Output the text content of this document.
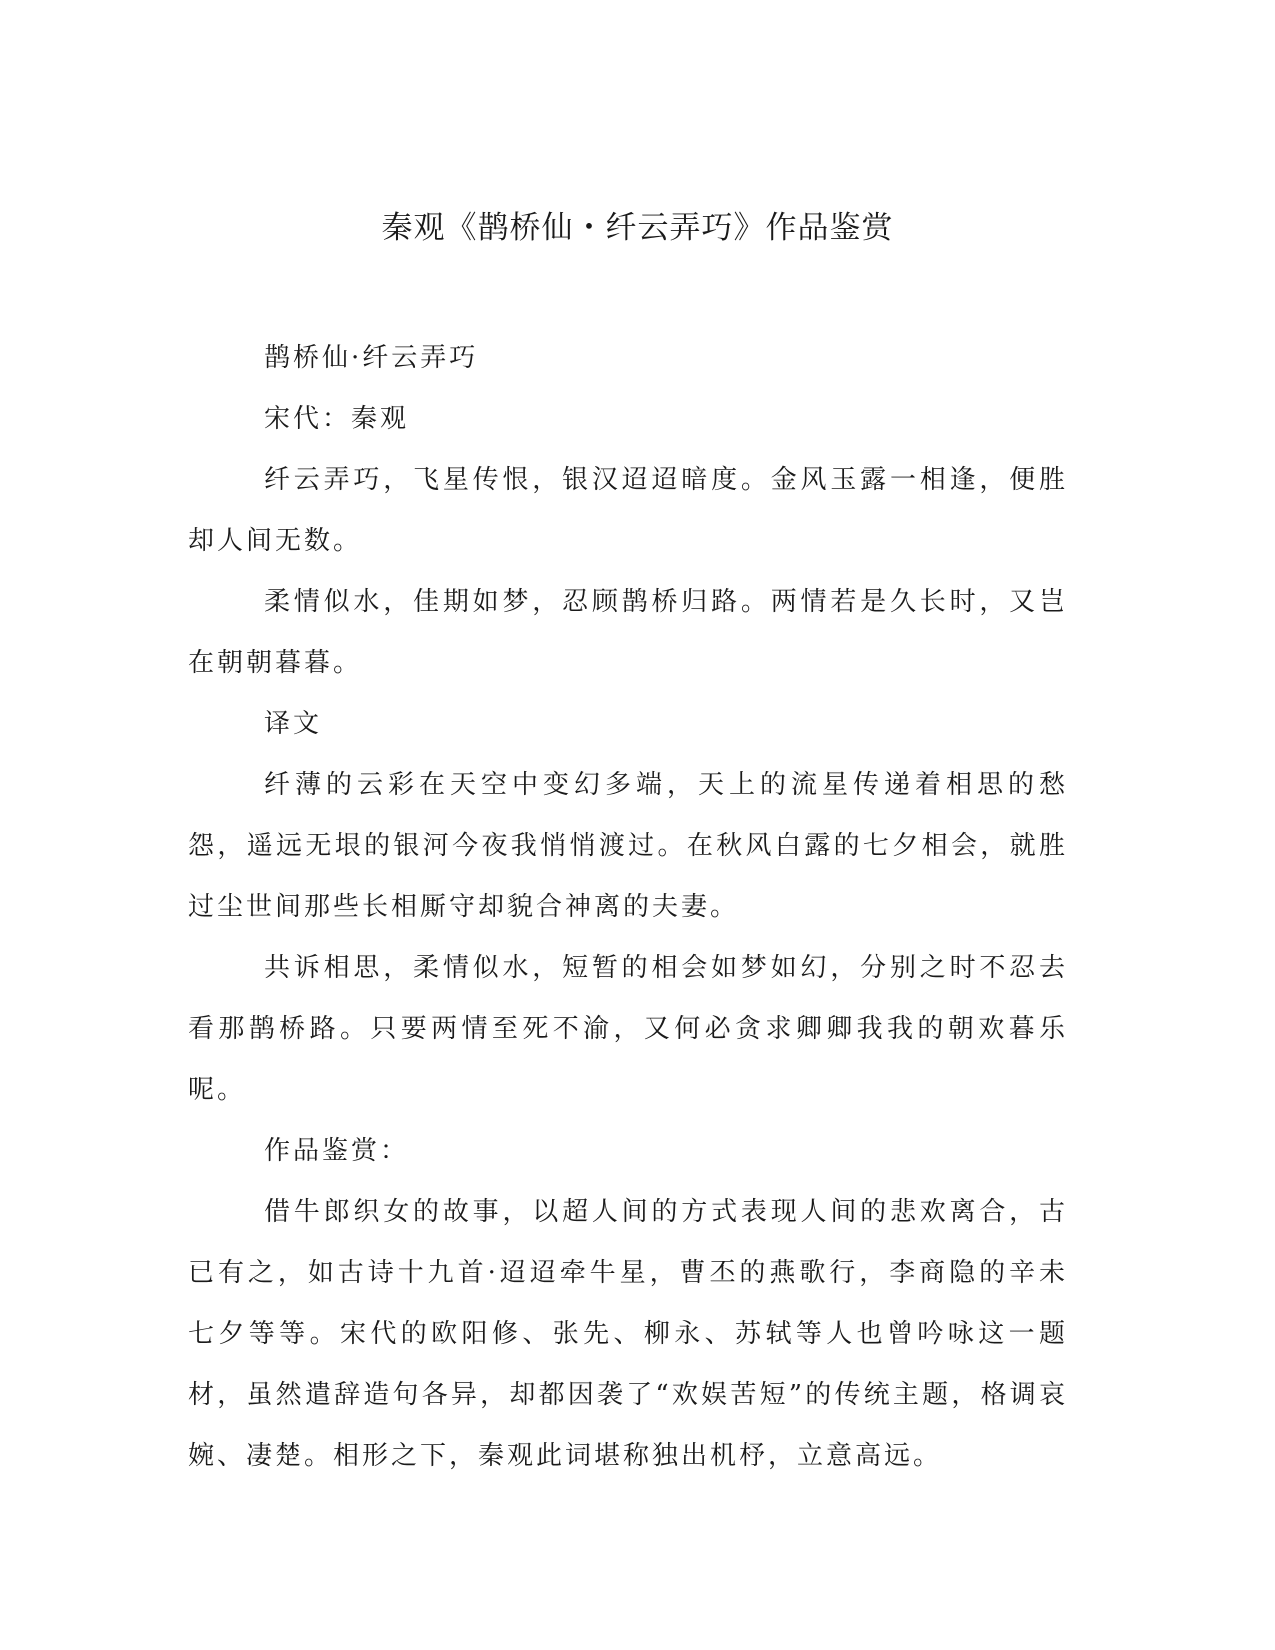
秦观《鹊桥仙・纤云弄巧》作品鉴赏

鹊桥仙·纤云弄巧

宋代：秦观

纤云弄巧，飞星传恨，银汉迢迢暗度。金风玉露一相逢，便胜却人间无数。

柔情似水，佳期如梦，忍顾鹊桥归路。两情若是久长时，又岂在朝朝暮暮。

译文

纤薄的云彩在天空中变幻多端，天上的流星传递着相思的愁怨，遥远无垠的银河今夜我悄悄渡过。在秋风白露的七夕相会，就胜过尘世间那些长相厮守却貌合神离的夫妻。

共诉相思，柔情似水，短暂的相会如梦如幻，分别之时不忍去看那鹊桥路。只要两情至死不渝，又何必贪求卿卿我我的朝欢暮乐呢。

作品鉴赏：

借牛郎织女的故事，以超人间的方式表现人间的悲欢离合，古已有之，如古诗十九首·迢迢牵牛星，曹丕的燕歌行，李商隐的辛未七夕等等。宋代的欧阳修、张先、柳永、苏轼等人也曾吟咏这一题材，虽然遣辞造句各异，却都因袭了“欢娱苦短”的传统主题，格调哀婉、凄楚。相形之下，秦观此词堪称独出机杼，立意高远。
